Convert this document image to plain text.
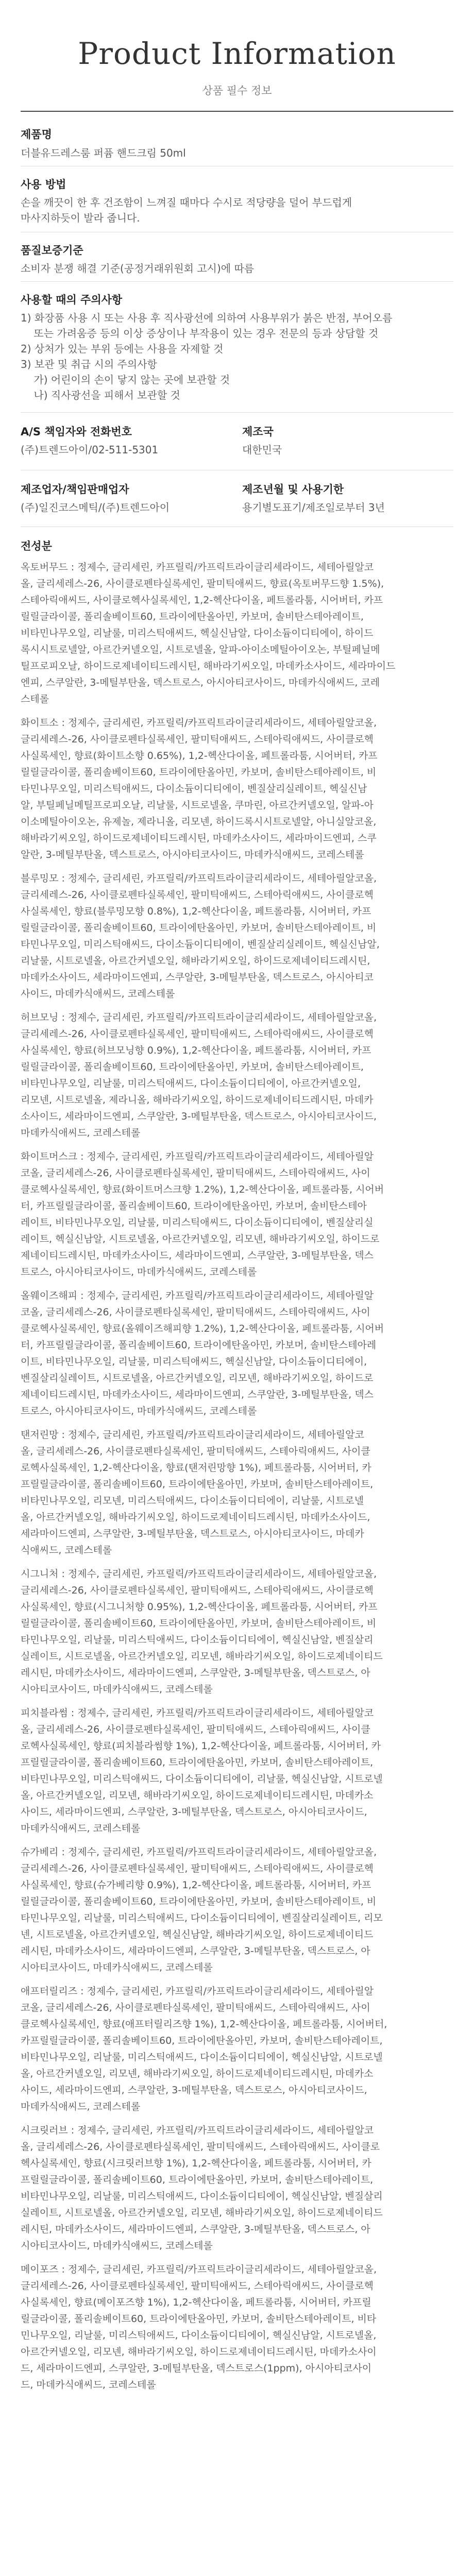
Product Information
상품 필수 정보
제품명
더블유드레스룸 퍼퓸 핸드크림 50ml
사용 방법
손을 깨끗이 한 후 건조함이 느껴질 때마다 수시로 적당량을 덜어 부드럽게
마사지하듯이 발라 줍니다.
품질보증기준
소비자 분쟁 해결 기준(공정거래위원회 고시)에 따름
사용할 때의 주의사항
1) 화장품 사용 시 또는 사용 후 직사광선에 의하여 사용부위가 붉은 반점, 부어오름
또는 가려움증 등의 이상 증상이나 부작용이 있는 경우 전문의 등과 상담할 것
2) 상처가 있는 부위 등에는 사용을 자제할 것
3) 보관 및 취급 시의 주의사항
가) 어린이의 손이 닿지 않는 곳에 보관할 것
나) 직사광선을 피해서 보관할 것
A/S 책임자와 전화번호
(주)트렌드아이/02-511-5301
제조국
대한민국
제조업자/책임판매업자
(주)일진코스메틱/(주)트렌드아이
제조년월 및 사용기한
용기별도표기/제조일로부터 3년
전성분
옥토버무드 : 정제수, 글리세린, 카프릴릭/카프릭트라이글리세라이드, 세테아릴알코
올, 글리세레스-26, 사이클로펜타실록세인, 팔미틱애씨드, 향료(옥토버무드향 1.5%),
스테아릭애씨드, 사이클로헥사실록세인, 1,2-헥산다이올, 페트롤라툼, 시어버터, 카프
릴릴글라이콜, 폴리솔베이트60, 트라이에탄올아민, 카보머, 솔비탄스테아레이트,
비타민나무오일, 리날룰, 미리스틱애씨드, 헥실신남알, 다이소듐이디티에이, 하이드
록시시트로넬알, 아르간커넬오일, 시트로넬올, 알파-아이소메틸아이오논, 부틸페닐메
틸프로피오날, 하이드로제네이티드레시틴, 해바라기씨오일, 마데카소사이드, 세라마이드
엔피, 스쿠알란, 3-메틸부탄올, 덱스트로스, 아시아티코사이드, 마데카식애씨드, 코레
스테롤
화이트소 : 정제수, 글리세린, 카프릴릭/카프릭트라이글리세라이드, 세테아릴알코올,
글리세레스-26, 사이클로펜타실록세인, 팔미틱애씨드, 스테아릭애씨드, 사이클로헥
사실록세인, 향료(화이트소향 0.65%), 1,2-헥산다이올, 페트롤라툼, 시어버터, 카프
릴릴글라이콜, 폴리솔베이트60, 트라이에탄올아민, 카보머, 솔비탄스테아레이트, 비
타민나무오일, 미리스틱애씨드, 다이소듐이디티에이, 벤질살리실레이트, 헥실신남
알, 부틸페닐메틸프로피오날, 리날룰, 시트로넬올, 쿠마린, 아르간커넬오일, 알파-아
이소메틸아이오논, 유제놀, 제라니올, 리모넨, 하이드록시시트로넬알, 아니실알코올,
해바라기씨오일, 하이드로제네이티드레시틴, 마데카소사이드, 세라마이드엔피, 스쿠
알란, 3-메틸부탄올, 덱스트로스, 아시아티코사이드, 마데카식애씨드, 코레스테롤
블루밍모 : 정제수, 글리세린, 카프릴릭/카프릭트라이글리세라이드, 세테아릴알코올,
글리세레스-26, 사이클로펜타실록세인, 팔미틱애씨드, 스테아릭애씨드, 사이클로헥
사실록세인, 향료(블루밍모향 0.8%), 1,2-헥산다이올, 페트롤라툼, 시어버터, 카프
릴릴글라이콜, 폴리솔베이트60, 트라이에탄올아민, 카보머, 솔비탄스테아레이트, 비
타민나무오일, 미리스틱애씨드, 다이소듐이디티에이, 벤질살리실레이트, 헥실신남알,
리날룰, 시트로넬올, 아르간커넬오일, 해바라기씨오일, 하이드로제네이티드레시틴,
마데카소사이드, 세라마이드엔피, 스쿠알란, 3-메틸부탄올, 덱스트로스, 아시아티코
사이드, 마데카식애씨드, 코레스테롤
허브모닝 : 정제수, 글리세린, 카프릴릭/카프릭트라이글리세라이드, 세테아릴알코올,
글리세레스-26, 사이클로펜타실록세인, 팔미틱애씨드, 스테아릭애씨드, 사이클로헥
사실록세인, 향료(허브모닝향 0.9%), 1,2-헥산다이올, 페트롤라툼, 시어버터, 카프
릴릴글라이콜, 폴리솔베이트60, 트라이에탄올아민, 카보머, 솔비탄스테아레이트,
비타민나무오일, 리날룰, 미리스틱애씨드, 다이소듐이디티에이, 아르간커넬오일,
리모넨, 시트로넬올, 제라니올, 해바라기씨오일, 하이드로제네이티드레시틴, 마데카
소사이드, 세라마이드엔피, 스쿠알란, 3-메틸부탄올, 덱스트로스, 아시아티코사이드,
마데카식애씨드, 코레스테롤
화이트머스크 : 정제수, 글리세린, 카프릴릭/카프릭트라이글리세라이드, 세테아릴알
코올, 글리세레스-26, 사이클로펜타실록세인, 팔미틱애씨드, 스테아릭애씨드, 사이
클로헥사실록세인, 향료(화이트머스크향 1.2%), 1,2-헥산다이올, 페트롤라툼, 시어버
터, 카프릴릴글라이콜, 폴리솔베이트60, 트라이에탄올아민, 카보머, 솔비탄스테아
레이트, 비타민나무오일, 리날룰, 미리스틱애씨드, 다이소듐이디티에이, 벤질살리실
레이트, 헥실신남알, 시트로넬올, 아르간커넬오일, 리모넨, 해바라기씨오일, 하이드로
제네이티드레시틴, 마데카소사이드, 세라마이드엔피, 스쿠알란, 3-메틸부탄올, 덱스
트로스, 아시아티코사이드, 마데카식애씨드, 코레스테롤
올웨이즈해피 : 정제수, 글리세린, 카프릴릭/카프릭트라이글리세라이드, 세테아릴알
코올, 글리세레스-26, 사이클로펜타실록세인, 팔미틱애씨드, 스테아릭애씨드, 사이
클로헥사실록세인, 향료(올웨이즈해피향 1.2%), 1,2-헥산다이올, 페트롤라툼, 시어버
터, 카프릴릴글라이콜, 폴리솔베이트60, 트라이에탄올아민, 카보머, 솔비탄스테아레
이트, 비타민나무오일, 리날룰, 미리스틱애씨드, 헥실신남알, 다이소듐이디티에이,
벤질살리실레이트, 시트로넬올, 아르간커넬오일, 리모넨, 해바라기씨오일, 하이드로
제네이티드레시틴, 마데카소사이드, 세라마이드엔피, 스쿠알란, 3-메틸부탄올, 덱스
트로스, 아시아티코사이드, 마데카식애씨드, 코레스테롤
탠저린망 : 정제수, 글리세린, 카프릴릭/카프릭트라이글리세라이드, 세테아릴알코
올, 글리세레스-26, 사이클로펜타실록세인, 팔미틱애씨드, 스테아릭애씨드, 사이클
로헥사실록세인, 1,2-헥산다이올, 향료(탠저린망향 1%), 페트롤라툼, 시어버터, 카
프릴릴글라이콜, 폴리솔베이트60, 트라이에탄올아민, 카보머, 솔비탄스테아레이트,
비타민나무오일, 리모넨, 미리스틱애씨드, 다이소듐이디티에이, 리날룰, 시트로넬
올, 아르간커넬오일, 해바라기씨오일, 하이드로제네이티드레시틴, 마데카소사이드,
세라마이드엔피, 스쿠알란, 3-메틸부탄올, 덱스트로스, 아시아티코사이드, 마데카
식애씨드, 코레스테롤
시그니처 : 정제수, 글리세린, 카프릴릭/카프릭트라이글리세라이드, 세테아릴알코올,
글리세레스-26, 사이클로펜타실록세인, 팔미틱애씨드, 스테아릭애씨드, 사이클로헥
사실록세인, 향료(시그니처향 0.95%), 1,2-헥산다이올, 페트롤라툼, 시어버터, 카프
릴릴글라이콜, 폴리솔베이트60, 트라이에탄올아민, 카보머, 솔비탄스테아레이트, 비
타민나무오일, 리날룰, 미리스틱애씨드, 다이소듐이디티에이, 헥실신남알, 벤질살리
실레이트, 시트로넬올, 아르간커넬오일, 리모넨, 해바라기씨오일, 하이드로제네이티드
레시틴, 마데카소사이드, 세라마이드엔피, 스쿠알란, 3-메틸부탄올, 덱스트로스, 아
시아티코사이드, 마데카식애씨드, 코레스테롤
피치블라썸 : 정제수, 글리세린, 카프릴릭/카프릭트라이글리세라이드, 세테아릴알코
올, 글리세레스-26, 사이클로펜타실록세인, 팔미틱애씨드, 스테아릭애씨드, 사이클
로헥사실록세인, 향료(피치블라썸향 1%), 1,2-헥산다이올, 페트롤라툼, 시어버터, 카
프릴릴글라이콜, 폴리솔베이트60, 트라이에탄올아민, 카보머, 솔비탄스테아레이트,
비타민나무오일, 미리스틱애씨드, 다이소듐이디티에이, 리날룰, 헥실신남알, 시트로넬
올, 아르간커넬오일, 리모넨, 해바라기씨오일, 하이드로제네이티드레시틴, 마데카소
사이드, 세라마이드엔피, 스쿠알란, 3-메틸부탄올, 덱스트로스, 아시아티코사이드,
마데카식애씨드, 코레스테롤
슈가베리 : 정제수, 글리세린, 카프릴릭/카프릭트라이글리세라이드, 세테아릴알코올,
글리세레스-26, 사이클로펜타실록세인, 팔미틱애씨드, 스테아릭애씨드, 사이클로헥
사실록세인, 향료(슈가베리향 0.9%), 1,2-헥산다이올, 페트롤라툼, 시어버터, 카프
릴릴글라이콜, 폴리솔베이트60, 트라이에탄올아민, 카보머, 솔비탄스테아레이트, 비
타민나무오일, 리날룰, 미리스틱애씨드, 다이소듐이디티에이, 벤질살리실레이트, 리모
넨, 시트로넬올, 아르간커넬오일, 헥실신남알, 해바라기씨오일, 하이드로제네이티드
레시틴, 마데카소사이드, 세라마이드엔피, 스쿠알란, 3-메틸부탄올, 덱스트로스, 아
시아티코사이드, 마데카식애씨드, 코레스테롤
애프터릴리즈 : 정제수, 글리세린, 카프릴릭/카프릭트라이글리세라이드, 세테아릴알
코올, 글리세레스-26, 사이클로펜타실록세인, 팔미틱애씨드, 스테아릭애씨드, 사이
클로헥사실록세인, 향료(애프터릴리즈향 1%), 1,2-헥산다이올, 페트롤라툼, 시어버터,
카프릴릴글라이콜, 폴리솔베이트60, 트라이에탄올아민, 카보머, 솔비탄스테아레이트,
비타민나무오일, 리날룰, 미리스틱애씨드, 다이소듐이디티에이, 헥실신남알, 시트로넬
올, 아르간커넬오일, 리모넨, 해바라기씨오일, 하이드로제네이티드레시틴, 마데카소
사이드, 세라마이드엔피, 스쿠알란, 3-메틸부탄올, 덱스트로스, 아시아티코사이드,
마데카식애씨드, 코레스테롤
시크릿러브 : 정제수, 글리세린, 카프릴릭/카프릭트라이글리세라이드, 세테아릴알코
올, 글리세레스-26, 사이클로펜타실록세인, 팔미틱애씨드, 스테아릭애씨드, 사이클로
헥사실록세인, 향료(시크릿러브향 1%), 1,2-헥산다이올, 페트롤라툼, 시어버터, 카
프릴릴글라이콜, 폴리솔베이트60, 트라이에탄올아민, 카보머, 솔비탄스테아레이트,
비타민나무오일, 리날룰, 미리스틱애씨드, 다이소듐이디티에이, 헥실신남알, 벤질살리
실레이트, 시트로넬올, 아르간커넬오일, 리모넨, 해바라기씨오일, 하이드로제네이티드
레시틴, 마데카소사이드, 세라마이드엔피, 스쿠알란, 3-메틸부탄올, 덱스트로스, 아
시아티코사이드, 마데카식애씨드, 코레스테롤
메이포즈 : 정제수, 글리세린, 카프릴릭/카프릭트라이글리세라이드, 세테아릴알코올,
글리세레스-26, 사이클로펜타실록세인, 팔미틱애씨드, 스테아릭애씨드, 사이클로헥
사실록세인, 향료(메이포즈향 1%), 1,2-헥산다이올, 페트롤라툼, 시어버터, 카프릴
릴글라이콜, 폴리솔베이트60, 트라이에탄올아민, 카보머, 솔비탄스테아레이트, 비타
민나무오일, 리날룰, 미리스틱애씨드, 다이소듐이디티에이, 헥실신남알, 시트로넬올,
아르간커넬오일, 리모넨, 해바라기씨오일, 하이드로제네이티드레시틴, 마데카소사이
드, 세라마이드엔피, 스쿠알란, 3-메틸부탄올, 덱스트로스(1ppm), 아시아티코사이
드, 마데카식애씨드, 코레스테롤
